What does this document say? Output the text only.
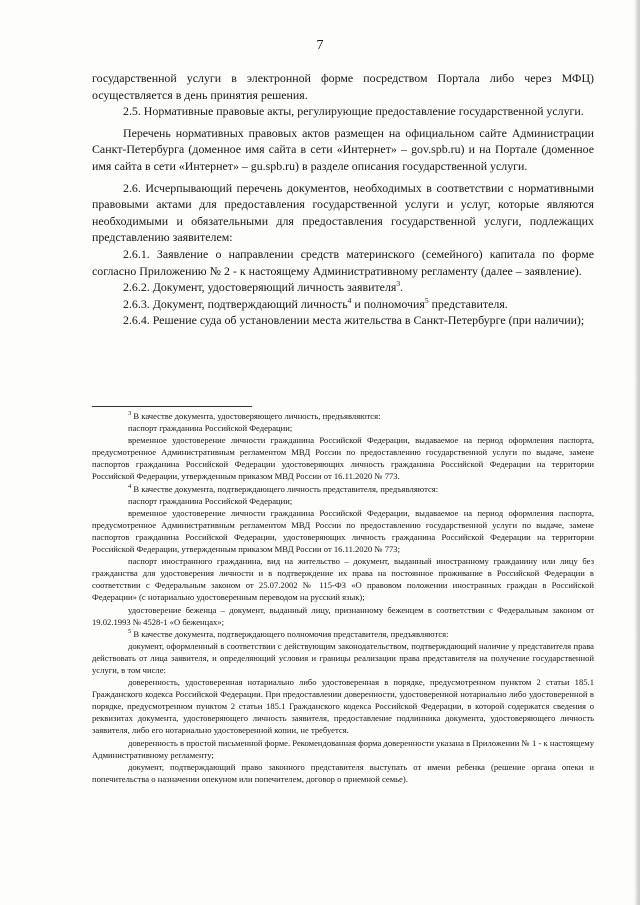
7

государственной услуги в электронной форме посредством Портала либо через МФЦ) осуществляется в день принятия решения.

2.5. Нормативные правовые акты, регулирующие предоставление государственной услуги.

Перечень нормативных правовых актов размещен на официальном сайте Администрации Санкт-Петербурга (доменное имя сайта в сети «Интернет» – gov.spb.ru) и на Портале (доменное имя сайта в сети «Интернет» – gu.spb.ru) в разделе описания государственной услуги.

2.6. Исчерпывающий перечень документов, необходимых в соответствии с нормативными правовыми актами для предоставления государственной услуги и услуг, которые являются необходимыми и обязательными для предоставления государственной услуги, подлежащих представлению заявителем:

2.6.1. Заявление о направлении средств материнского (семейного) капитала по форме согласно Приложению № 2 - к настоящему Административному регламенту (далее – заявление).

2.6.2. Документ, удостоверяющий личность заявителя$^3$.

2.6.3. Документ, подтверждающий личность$^4$ и полномочия$^5$ представителя.

2.6.4. Решение суда об установлении места жительства в Санкт-Петербурге (при наличии);

$^3$ В качестве документа, удостоверяющего личность, предъявляются:

паспорт гражданина Российской Федерации;

временное удостоверение личности гражданина Российской Федерации, выдаваемое на период оформления паспорта, предусмотренное Административным регламентом МВД России по предоставлению государственной услуги по выдаче, замене паспортов гражданина Российской Федерации удостоверяющих личность гражданина Российской Федерации на территории Российской Федерации, утвержденным приказом МВД России от 16.11.2020 № 773.

$^4$ В качестве документа, подтверждающего личность представителя, предъявляются:

паспорт гражданина Российской Федерации;

временное удостоверение личности гражданина Российской Федерации, выдаваемое на период оформления паспорта, предусмотренное Административным регламентом МВД России по предоставлению государственной услуги по выдаче, замене паспортов гражданина Российской Федерации, удостоверяющих личность гражданина Российской Федерации на территории Российской Федерации, утвержденным приказом МВД России от 16.11.2020 № 773;

паспорт иностранного гражданина, вид на жительство – документ, выданный иностранному гражданину или лицу без гражданства для удостоверения личности и в подтверждение их права на постоянное проживание в Российской Федерации в соответствии с Федеральным законом от 25.07.2002 № 115-ФЗ «О правовом положении иностранных граждан в Российской Федерации» (с нотариально удостоверенным переводом на русский язык);

удостоверение беженца – документ, выданный лицу, признанному беженцем в соответствии с Федеральным законом от 19.02.1993 № 4528-1 «О беженцах»;

$^5$ В качестве документа, подтверждающего полномочия представителя, предъявляются:

документ, оформленный в соответствии с действующим законодательством, подтверждающий наличие у представителя права действовать от лица заявителя, и определяющий условия и границы реализации права представителя на получение государственной услуги, в том числе:

доверенность, удостоверенная нотариально либо удостоверенная в порядке, предусмотренном пунктом 2 статьи 185.1 Гражданского кодекса Российской Федерации. При предоставлении доверенности, удостоверенной нотариально либо удостоверенной в порядке, предусмотренном пунктом 2 статьи 185.1 Гражданского кодекса Российской Федерации, в которой содержатся сведения о реквизитах документа, удостоверяющего личность заявителя, предоставление подлинника документа, удостоверяющего личность заявителя, либо его нотариально удостоверенной копии, не требуется.

доверенность в простой письменной форме. Рекомендованная форма доверенности указана в Приложении № 1 - к настоящему Административному регламенту;

документ, подтверждающий право законного представителя выступать от имени ребенка (решение органа опеки и попечительства о назначении опекуном или попечителем, договор о приемной семье).
